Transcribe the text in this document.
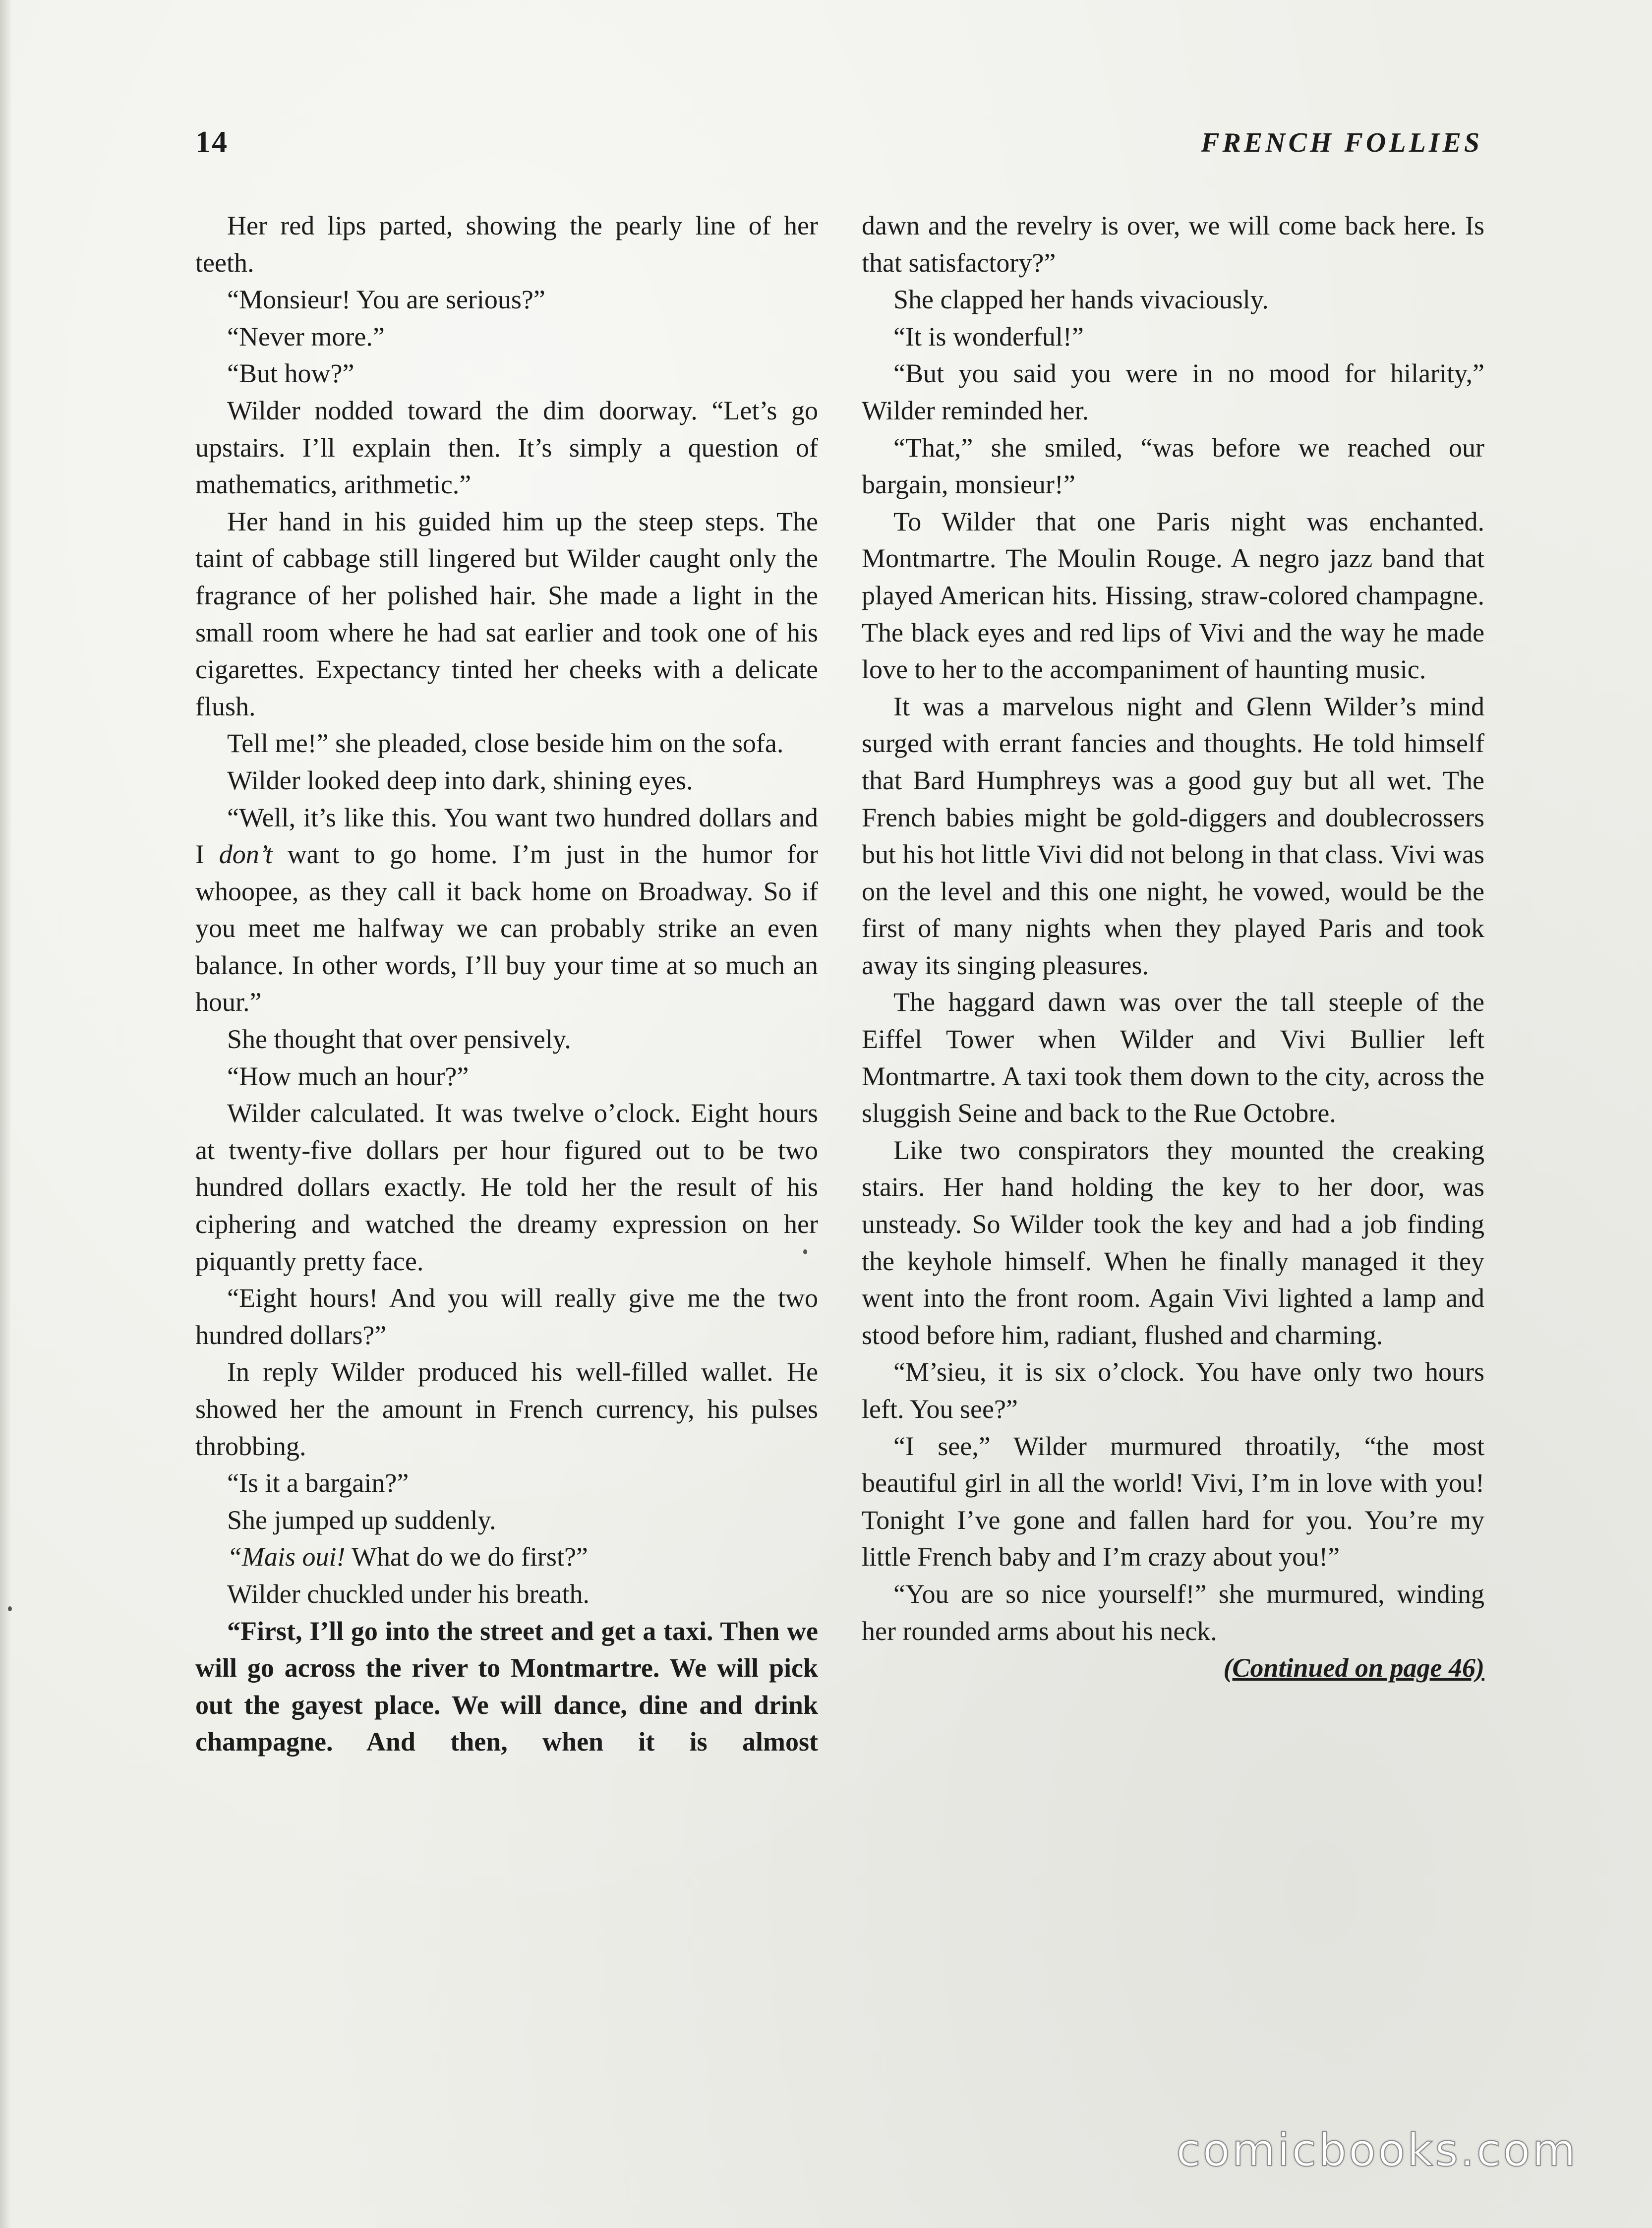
14	FRENCH FOLLIES

Her red lips parted, showing the pearly line of her teeth.

“Monsieur! You are serious?”

“Never more.”

“But how?”

Wilder nodded toward the dim doorway. “Let’s go upstairs. I’ll explain then. It’s simply a question of mathematics, arithmetic.”

Her hand in his guided him up the steep steps. The taint of cabbage still lingered but Wilder caught only the fragrance of her polished hair. She made a light in the small room where he had sat earlier and took one of his cigarettes. Expectancy tinted her cheeks with a delicate flush.

Tell me!” she pleaded, close beside him on the sofa.

Wilder looked deep into dark, shining eyes.

“Well, it’s like this. You want two hundred dollars and I don’t want to go home. I’m just in the humor for whoopee, as they call it back home on Broadway. So if you meet me halfway we can probably strike an even balance. In other words, I’ll buy your time at so much an hour.”

She thought that over pensively.

“How much an hour?”

Wilder calculated. It was twelve o’clock. Eight hours at twenty-five dollars per hour figured out to be two hundred dollars exactly. He told her the result of his ciphering and watched the dreamy expression on her piquantly pretty face.

“Eight hours! And you will really give me the two hundred dollars?”

In reply Wilder produced his well-filled wallet. He showed her the amount in French currency, his pulses throbbing.

“Is it a bargain?”

She jumped up suddenly.

“Mais oui! What do we do first?”

Wilder chuckled under his breath.

“First, I’ll go into the street and get a taxi. Then we will go across the river to Montmartre. We will pick out the gayest place. We will dance, dine and drink champagne. And then, when it is almost

dawn and the revelry is over, we will come back here. Is that satisfactory?”

She clapped her hands vivaciously.

“It is wonderful!”

“But you said you were in no mood for hilarity,” Wilder reminded her.

“That,” she smiled, “was before we reached our bargain, monsieur!”

To Wilder that one Paris night was enchanted. Montmartre. The Moulin Rouge. A negro jazz band that played American hits. Hissing, straw-colored champagne. The black eyes and red lips of Vivi and the way he made love to her to the accompaniment of haunting music.

It was a marvelous night and Glenn Wilder’s mind surged with errant fancies and thoughts. He told himself that Bard Humphreys was a good guy but all wet. The French babies might be gold-diggers and doublecrossers but his hot little Vivi did not belong in that class. Vivi was on the level and this one night, he vowed, would be the first of many nights when they played Paris and took away its singing pleasures.

The haggard dawn was over the tall steeple of the Eiffel Tower when Wilder and Vivi Bullier left Montmartre. A taxi took them down to the city, across the sluggish Seine and back to the Rue Octobre.

Like two conspirators they mounted the creaking stairs. Her hand holding the key to her door, was unsteady. So Wilder took the key and had a job finding the keyhole himself. When he finally managed it they went into the front room. Again Vivi lighted a lamp and stood before him, radiant, flushed and charming.

“M’sieu, it is six o’clock. You have only two hours left. You see?”

“I see,” Wilder murmured throatily, “the most beautiful girl in all the world! Vivi, I’m in love with you! Tonight I’ve gone and fallen hard for you. You’re my little French baby and I’m crazy about you!”

“You are so nice yourself!” she murmured, winding her rounded arms about his neck.
(Continued on page 46)

comicbooks.com
